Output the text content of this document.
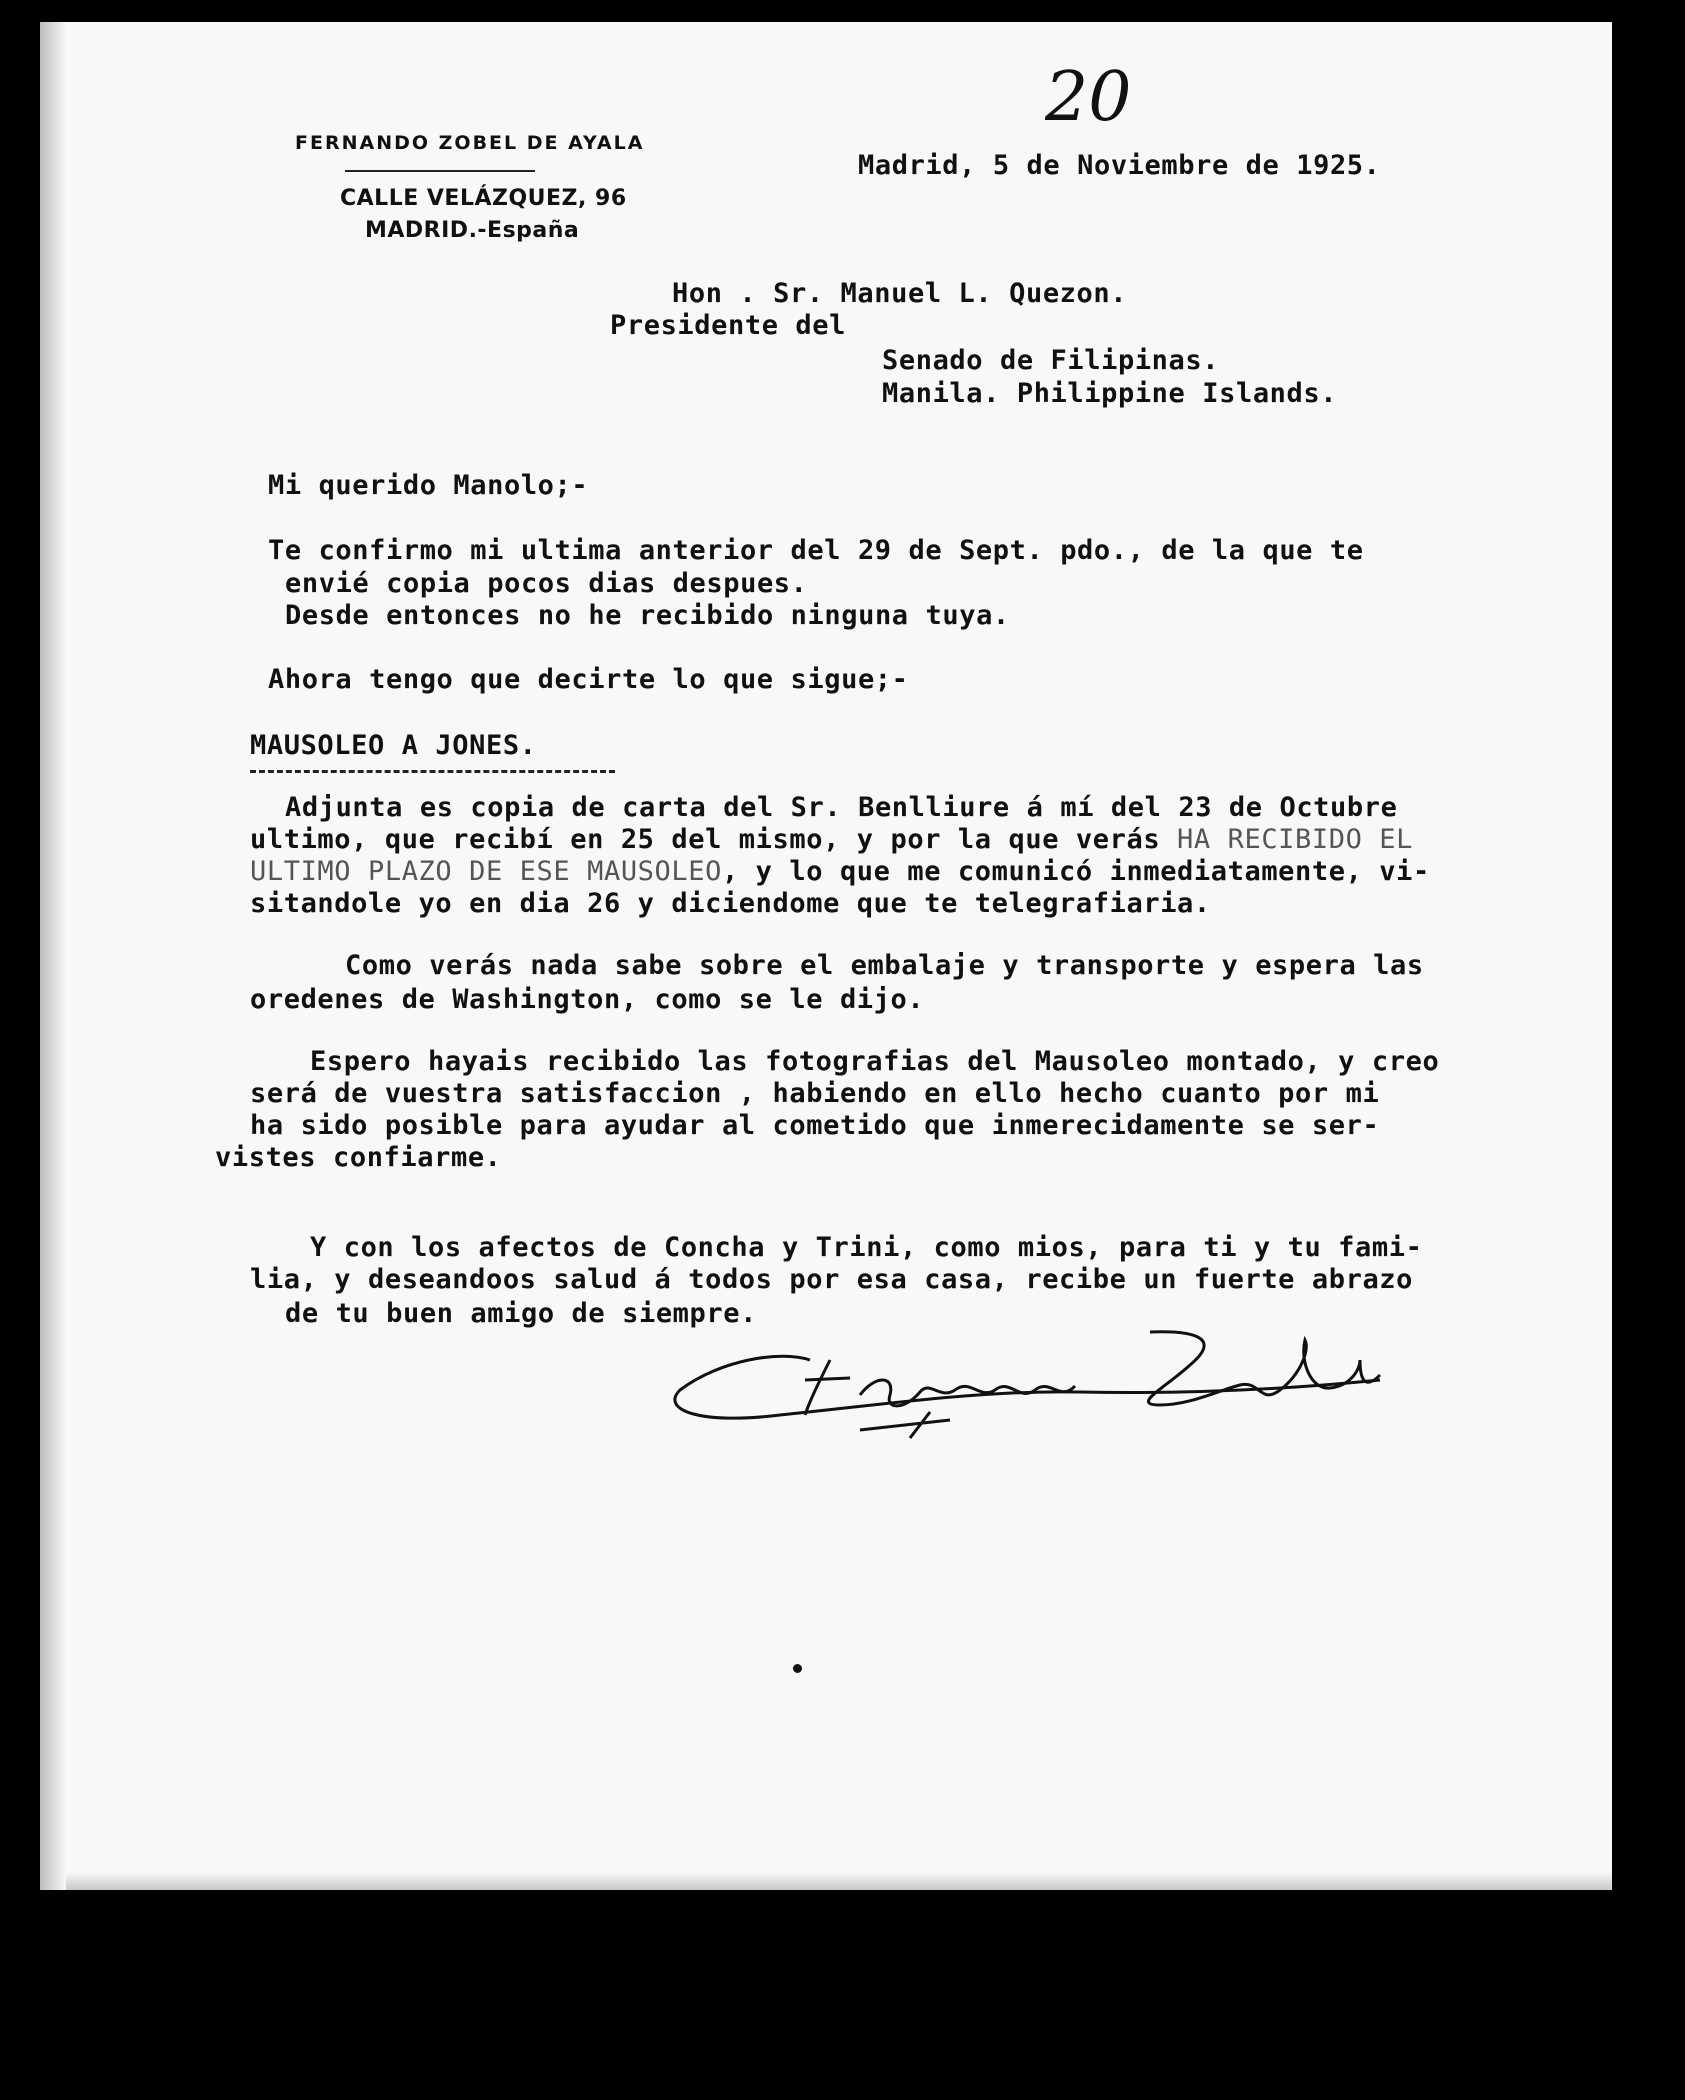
FERNANDO ZOBEL DE AYALA

CALLE VELÁZQUEZ, 96

MADRID.-España

20

Madrid, 5 de Noviembre de 1925.

Hon . Sr. Manuel L. Quezon.

Presidente del

Senado de Filipinas.

Manila. Philippine Islands.

Mi querido Manolo;-

Te confirmo mi ultima anterior del 29 de Sept. pdo., de la que te

envié copia pocos dias despues.

Desde entonces no he recibido ninguna tuya.

Ahora tengo que decirte lo que sigue;-

MAUSOLEO A JONES.

Adjunta es copia de carta del Sr. Benlliure á mí del 23 de Octubre

ultimo, que recibí en 25 del mismo, y por la que verás HA RECIBIDO EL

ULTIMO PLAZO DE ESE MAUSOLEO, y lo que me comunicó inmediatamente, vi-

sitandole yo en dia 26 y diciendome que te telegrafiaria.

Como verás nada sabe sobre el embalaje y transporte y espera las

oredenes de Washington, como se le dijo.

Espero hayais recibido las fotografias del Mausoleo montado, y creo

será de vuestra satisfaccion , habiendo en ello hecho cuanto por mi

ha sido posible para ayudar al cometido que inmerecidamente se ser-

vistes confiarme.

Y con los afectos de Concha y Trini, como mios, para ti y tu fami-

lia, y deseandoos salud á todos por esa casa, recibe un fuerte abrazo

de tu buen amigo de siempre.
